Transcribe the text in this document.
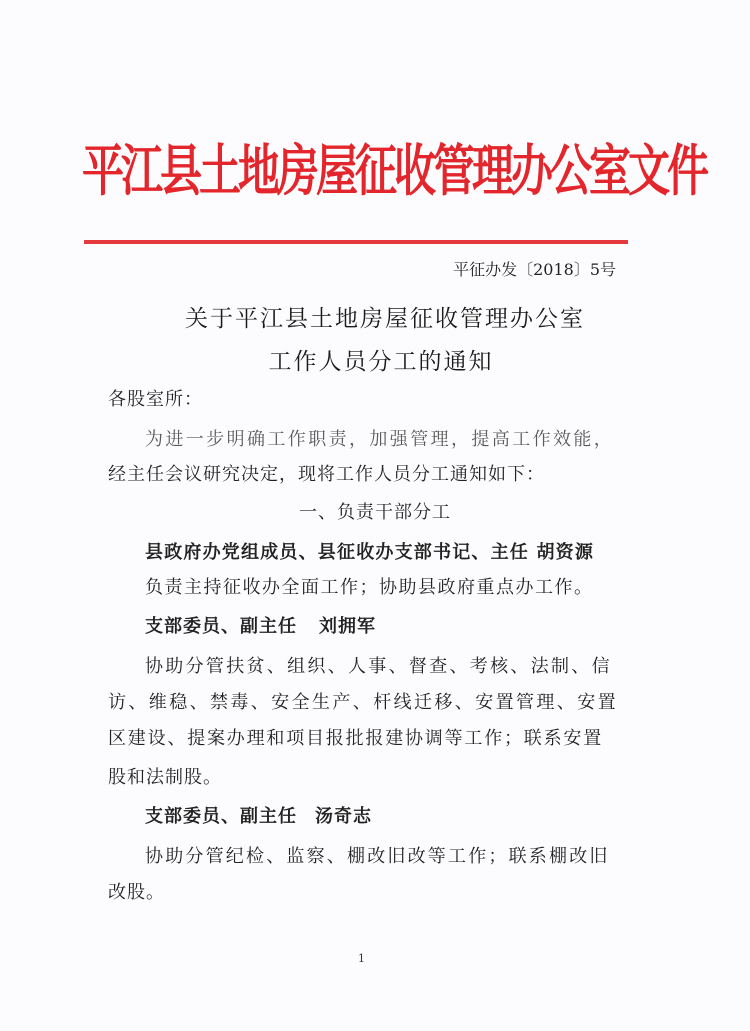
平江县土地房屋征收管理办公室文件
平征办发〔2018〕5号
关于平江县土地房屋征收管理办公室
工作人员分工的通知
各股室所：
为进一步明确工作职责，加强管理，提高工作效能，
经主任会议研究决定，现将工作人员分工通知如下：
一、负责干部分工
县政府办党组成员、县征收办支部书记、主任 胡资源
负责主持征收办全面工作；协助县政府重点办工作。
支部委员、副主任 刘拥军
协助分管扶贫、组织、人事、督查、考核、法制、信
访、维稳、禁毒、安全生产、杆线迁移、安置管理、安置
区建设、提案办理和项目报批报建协调等工作；联系安置
股和法制股。
支部委员、副主任 汤奇志
协助分管纪检、监察、棚改旧改等工作；联系棚改旧
改股。
1
